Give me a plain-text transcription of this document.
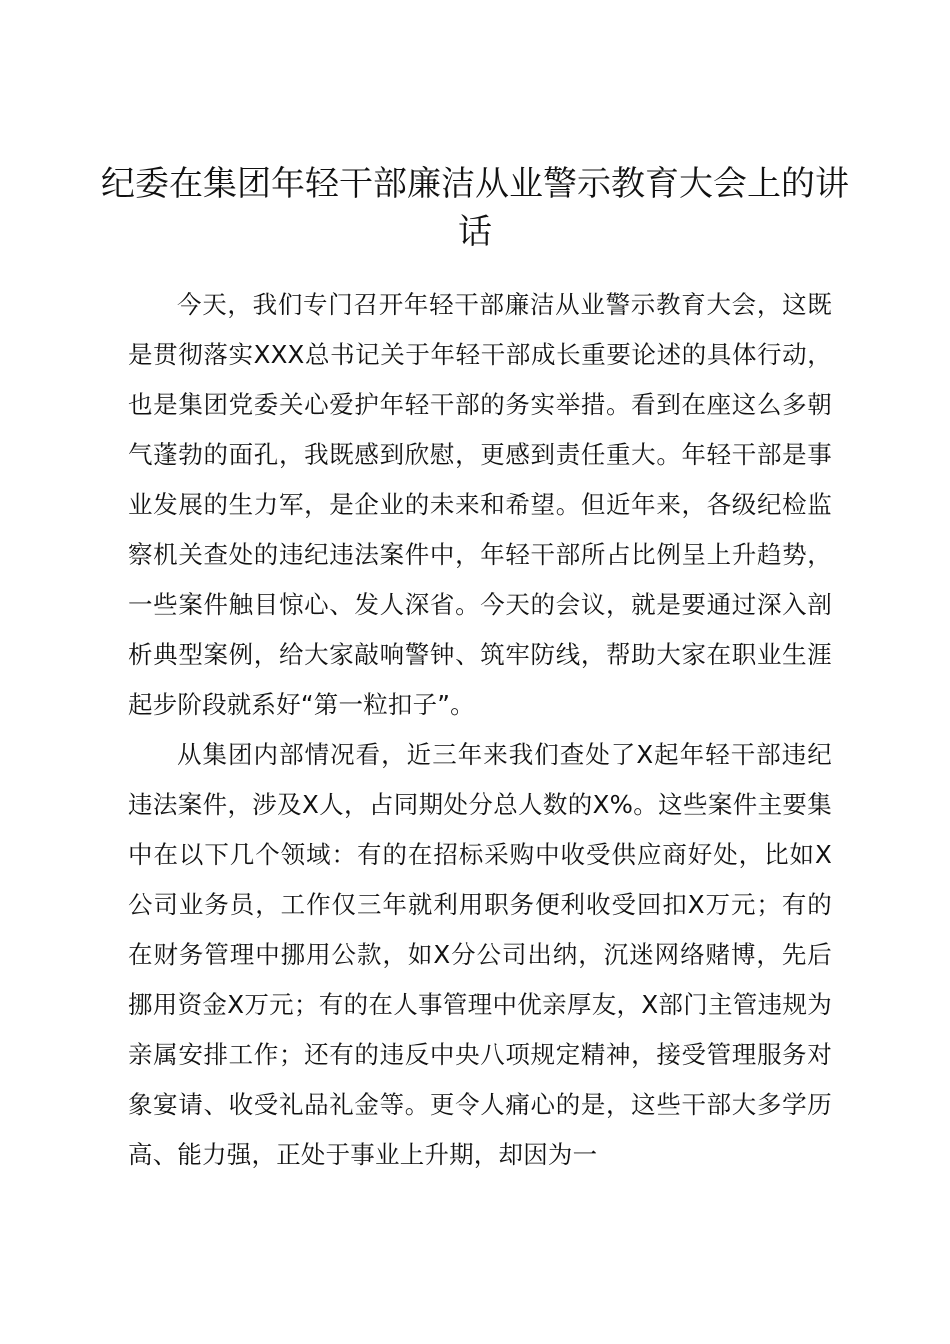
纪委在集团年轻干部廉洁从业警示教育大会上的讲话

今天，我们专门召开年轻干部廉洁从业警示教育大会，这既是贯彻落实XXX总书记关于年轻干部成长重要论述的具体行动，也是集团党委关心爱护年轻干部的务实举措。看到在座这么多朝气蓬勃的面孔，我既感到欣慰，更感到责任重大。年轻干部是事业发展的生力军，是企业的未来和希望。但近年来，各级纪检监察机关查处的违纪违法案件中，年轻干部所占比例呈上升趋势，一些案件触目惊心、发人深省。今天的会议，就是要通过深入剖析典型案例，给大家敲响警钟、筑牢防线，帮助大家在职业生涯起步阶段就系好“第一粒扣子”。

从集团内部情况看，近三年来我们查处了X起年轻干部违纪违法案件，涉及X人，占同期处分总人数的X%。这些案件主要集中在以下几个领域：有的在招标采购中收受供应商好处，比如X公司业务员，工作仅三年就利用职务便利收受回扣X万元；有的在财务管理中挪用公款，如X分公司出纳，沉迷网络赌博，先后挪用资金X万元；有的在人事管理中优亲厚友，X部门主管违规为亲属安排工作；还有的违反中央八项规定精神，接受管理服务对象宴请、收受礼品礼金等。更令人痛心的是，这些干部大多学历高、能力强，正处于事业上升期，却因为一
